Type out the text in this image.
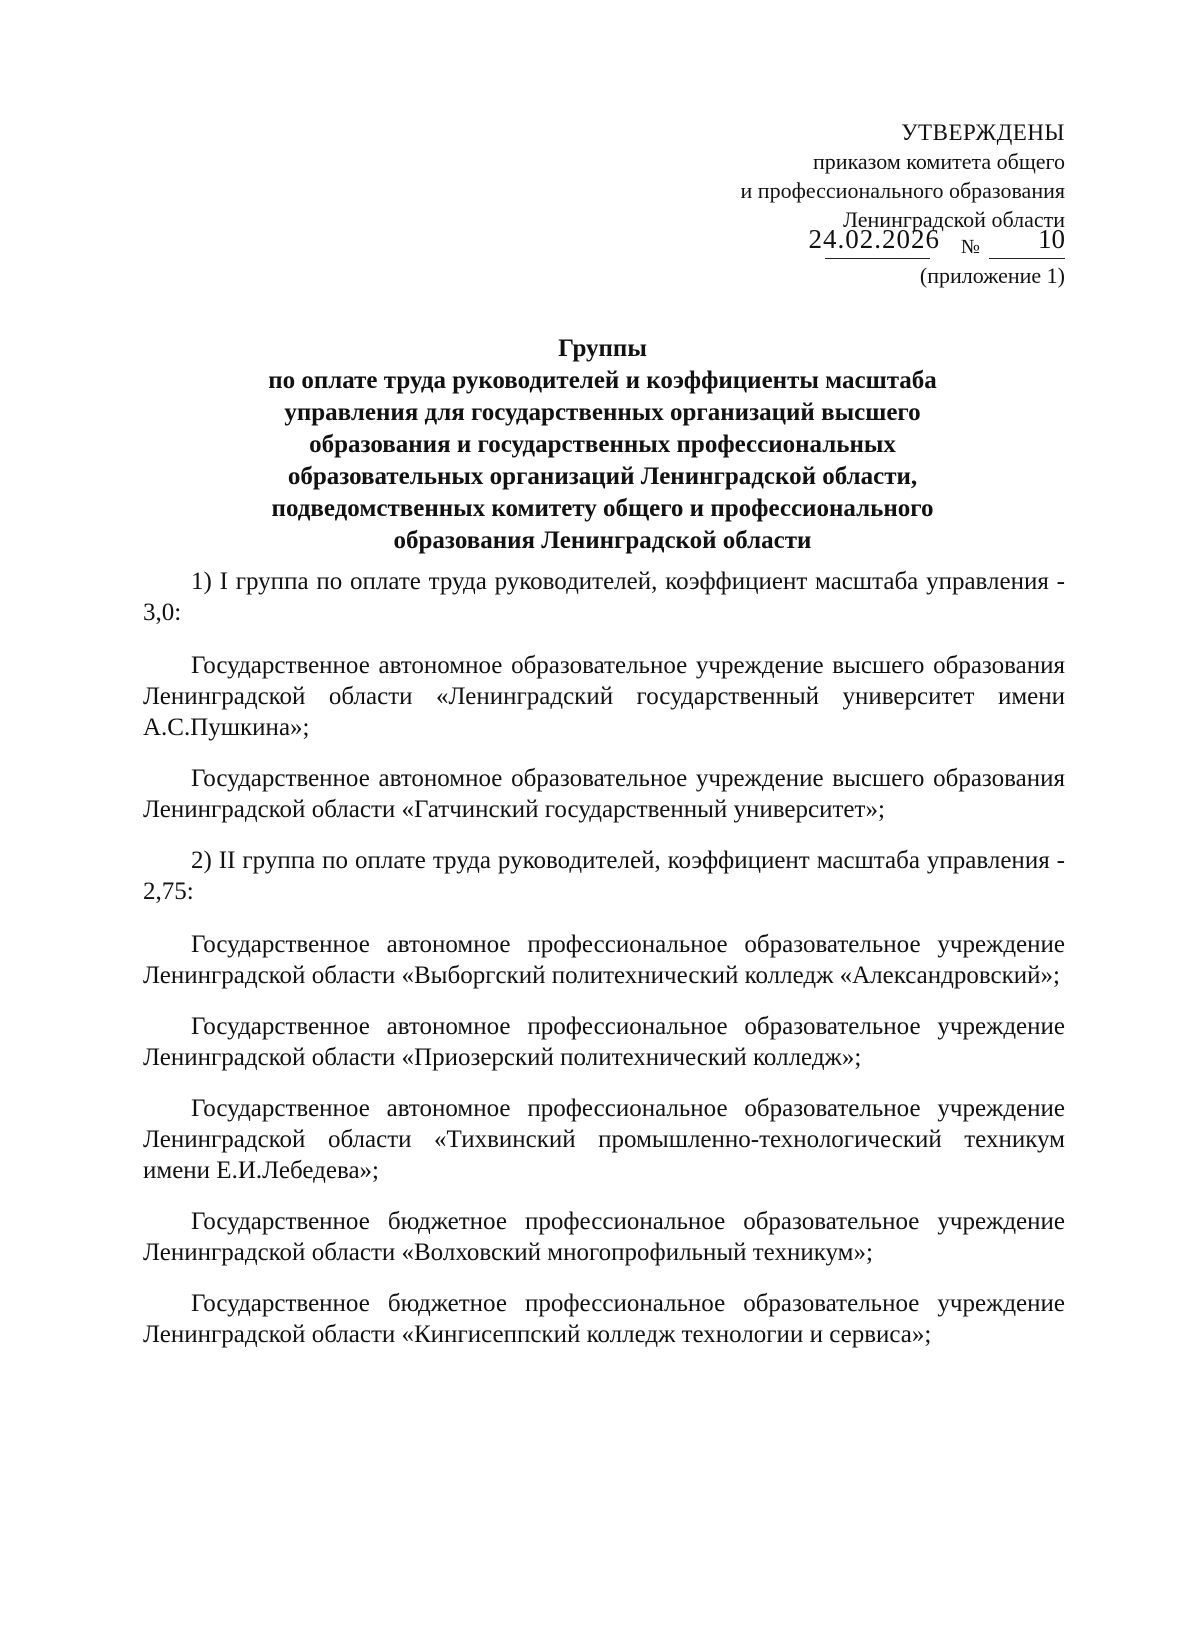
УТВЕРЖДЕНЫ
приказом комитета общего
и профессионального образования
Ленинградской области
24.02.2026 № 10
(приложение 1)
Группы
по оплате труда руководителей и коэффициенты масштаба
управления для государственных организаций высшего
образования и государственных профессиональных
образовательных организаций Ленинградской области,
подведомственных комитету общего и профессионального
образования Ленинградской области

1) I группа по оплате труда руководителей, коэффициент масштаба управления - 3,0:

Государственное автономное образовательное учреждение высшего образования Ленинградской области «Ленинградский государственный университет имени А.С.Пушкина»;

Государственное автономное образовательное учреждение высшего образования Ленинградской области «Гатчинский государственный университет»;

2) II группа по оплате труда руководителей, коэффициент масштаба управления - 2,75:

Государственное автономное профессиональное образовательное учреждение Ленинградской области «Выборгский политехнический колледж «Александровский»;

Государственное автономное профессиональное образовательное учреждение Ленинградской области «Приозерский политехнический колледж»;

Государственное автономное профессиональное образовательное учреждение Ленинградской области «Тихвинский промышленно-технологический техникум имени Е.И.Лебедева»;

Государственное бюджетное профессиональное образовательное учреждение Ленинградской области «Волховский многопрофильный техникум»;

Государственное бюджетное профессиональное образовательное учреждение Ленинградской области «Кингисеппский колледж технологии и сервиса»;
